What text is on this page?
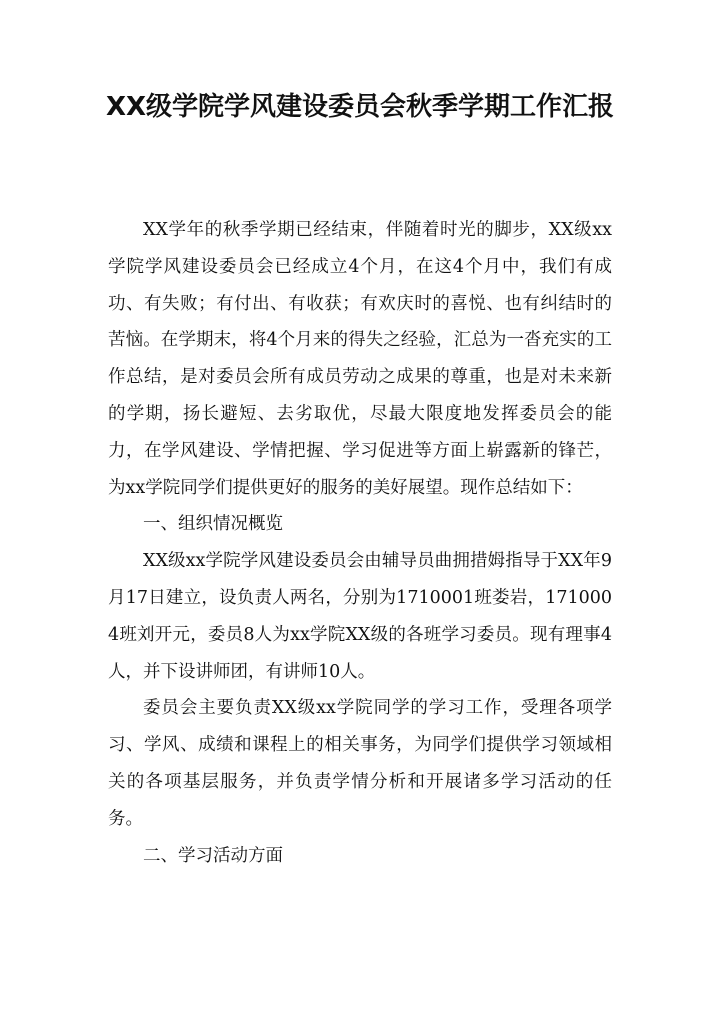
XX级学院学风建设委员会秋季学期工作汇报

XX学年的秋季学期已经结束，伴随着时光的脚步，XX级xx学院学风建设委员会已经成立4个月，在这4个月中，我们有成功、有失败；有付出、有收获；有欢庆时的喜悦、也有纠结时的苦恼。在学期末，将4个月来的得失之经验，汇总为一沓充实的工作总结，是对委员会所有成员劳动之成果的尊重，也是对未来新的学期，扬长避短、去劣取优，尽最大限度地发挥委员会的能力，在学风建设、学情把握、学习促进等方面上崭露新的锋芒，为xx学院同学们提供更好的服务的美好展望。现作总结如下：

一、组织情况概览

XX级xx学院学风建设委员会由辅导员曲拥措姆指导于XX年9月17日建立，设负责人两名，分别为1710001班娄岩，1710004班刘开元，委员8人为xx学院XX级的各班学习委员。现有理事4人，并下设讲师团，有讲师10人。

委员会主要负责XX级xx学院同学的学习工作，受理各项学习、学风、成绩和课程上的相关事务，为同学们提供学习领域相关的各项基层服务，并负责学情分析和开展诸多学习活动的任务。

二、学习活动方面
